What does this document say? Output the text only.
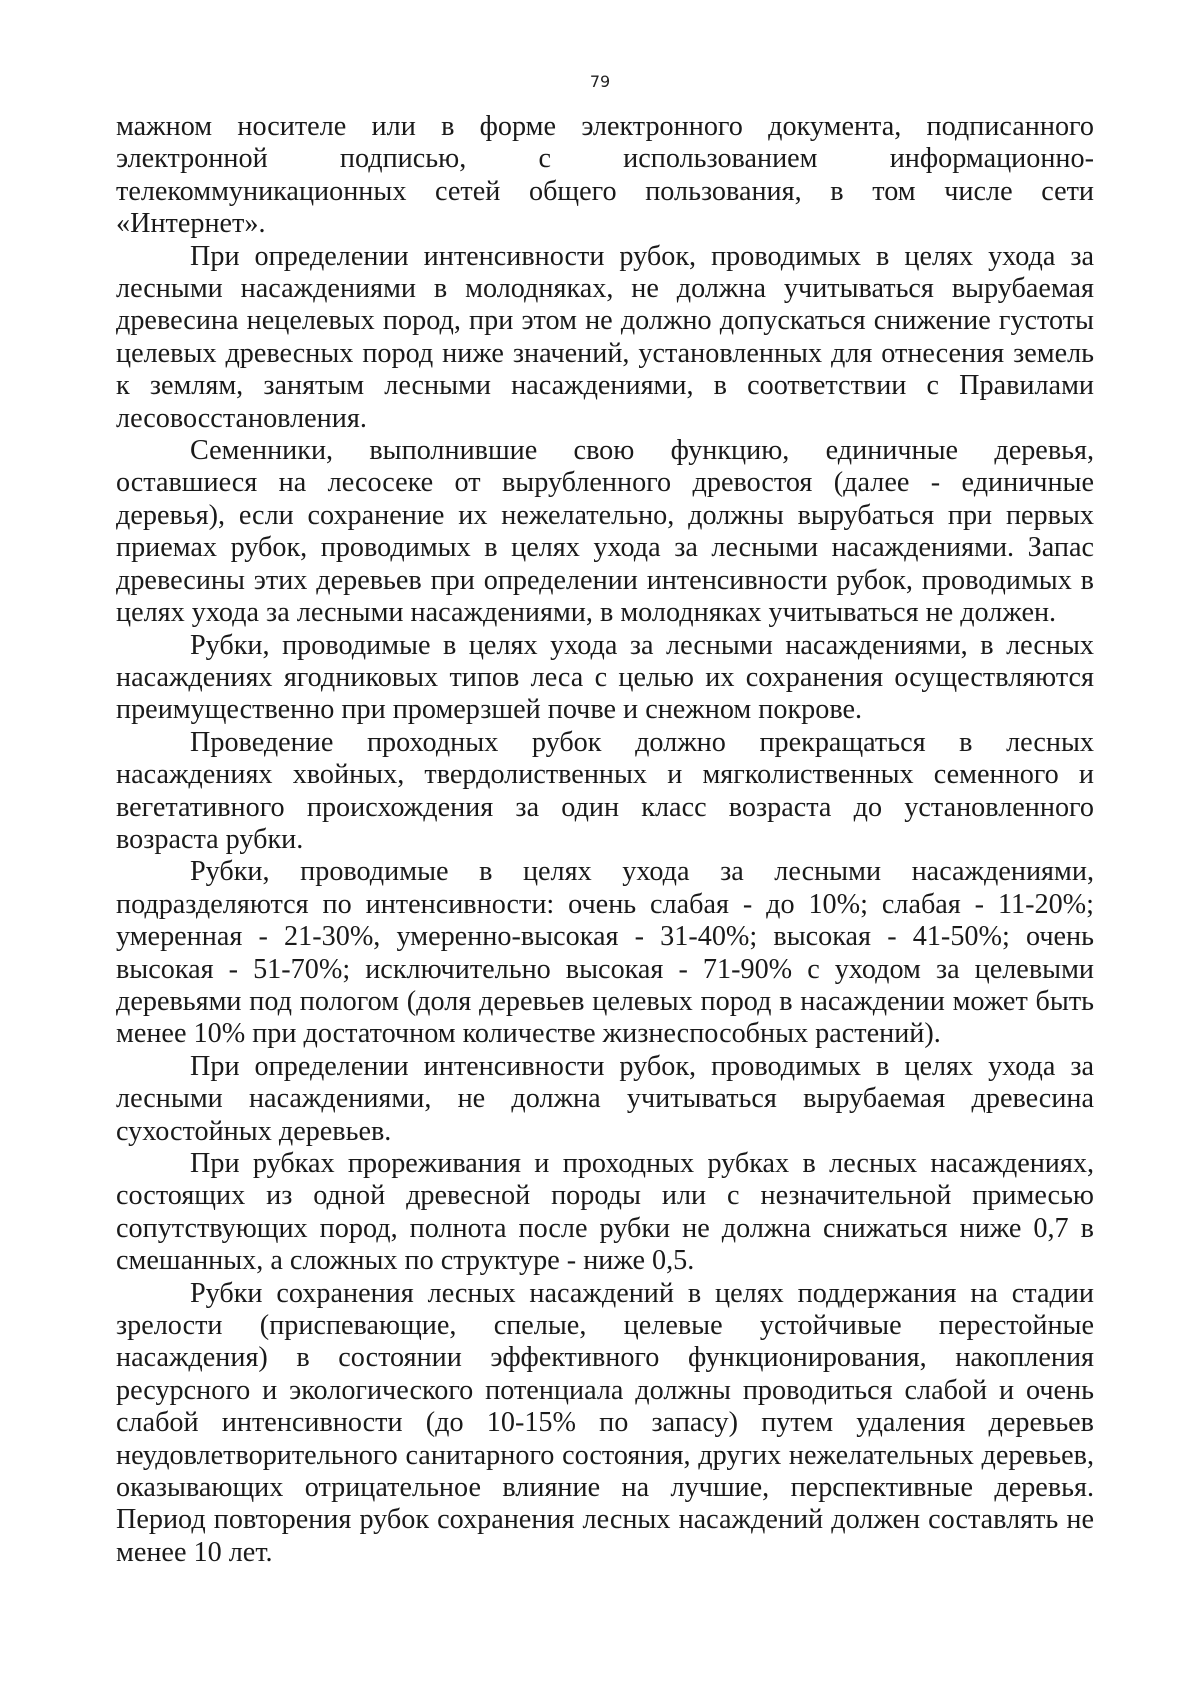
79

мажном носителе или в форме электронного документа, подписанного электронной подписью, с использованием информационно-телекоммуникационных сетей общего пользования, в том числе сети «Интернет».

При определении интенсивности рубок, проводимых в целях ухода за лесными насаждениями в молодняках, не должна учитываться вырубаемая древесина нецелевых пород, при этом не должно допускаться снижение густоты целевых древесных пород ниже значений, установленных для отнесения земель к землям, занятым лесными насаждениями, в соответствии с Правилами лесовосстановления.

Семенники, выполнившие свою функцию, единичные деревья, оставшиеся на лесосеке от вырубленного древостоя (далее - единичные деревья), если сохранение их нежелательно, должны вырубаться при первых приемах рубок, проводимых в целях ухода за лесными насаждениями. Запас древесины этих деревьев при определении интенсивности рубок, проводимых в целях ухода за лесными насаждениями, в молодняках учитываться не должен.

Рубки, проводимые в целях ухода за лесными насаждениями, в лесных насаждениях ягодниковых типов леса с целью их сохранения осуществляются преимущественно при промерзшей почве и снежном покрове.

Проведение проходных рубок должно прекращаться в лесных насаждениях хвойных, твердолиственных и мягколиственных семенного и вегетативного происхождения за один класс возраста до установленного возраста рубки.

Рубки, проводимые в целях ухода за лесными насаждениями, подразделяются по интенсивности: очень слабая - до 10%; слабая - 11-20%; умеренная - 21-30%, умеренно-высокая - 31-40%; высокая - 41-50%; очень высокая - 51-70%; исключительно высокая - 71-90% с уходом за целевыми деревьями под пологом (доля деревьев целевых пород в насаждении может быть менее 10% при достаточном количестве жизнеспособных растений).

При определении интенсивности рубок, проводимых в целях ухода за лесными насаждениями, не должна учитываться вырубаемая древесина сухостойных деревьев.

При рубках прореживания и проходных рубках в лесных насаждениях, состоящих из одной древесной породы или с незначительной примесью сопутствующих пород, полнота после рубки не должна снижаться ниже 0,7 в смешанных, а сложных по структуре - ниже 0,5.

Рубки сохранения лесных насаждений в целях поддержания на стадии зрелости (приспевающие, спелые, целевые устойчивые перестойные насаждения) в состоянии эффективного функционирования, накопления ресурсного и экологического потенциала должны проводиться слабой и очень слабой интенсивности (до 10-15% по запасу) путем удаления деревьев неудовлетворительного санитарного состояния, других нежелательных деревьев, оказывающих отрицательное влияние на лучшие, перспективные деревья. Период повторения рубок сохранения лесных насаждений должен составлять не менее 10 лет.
